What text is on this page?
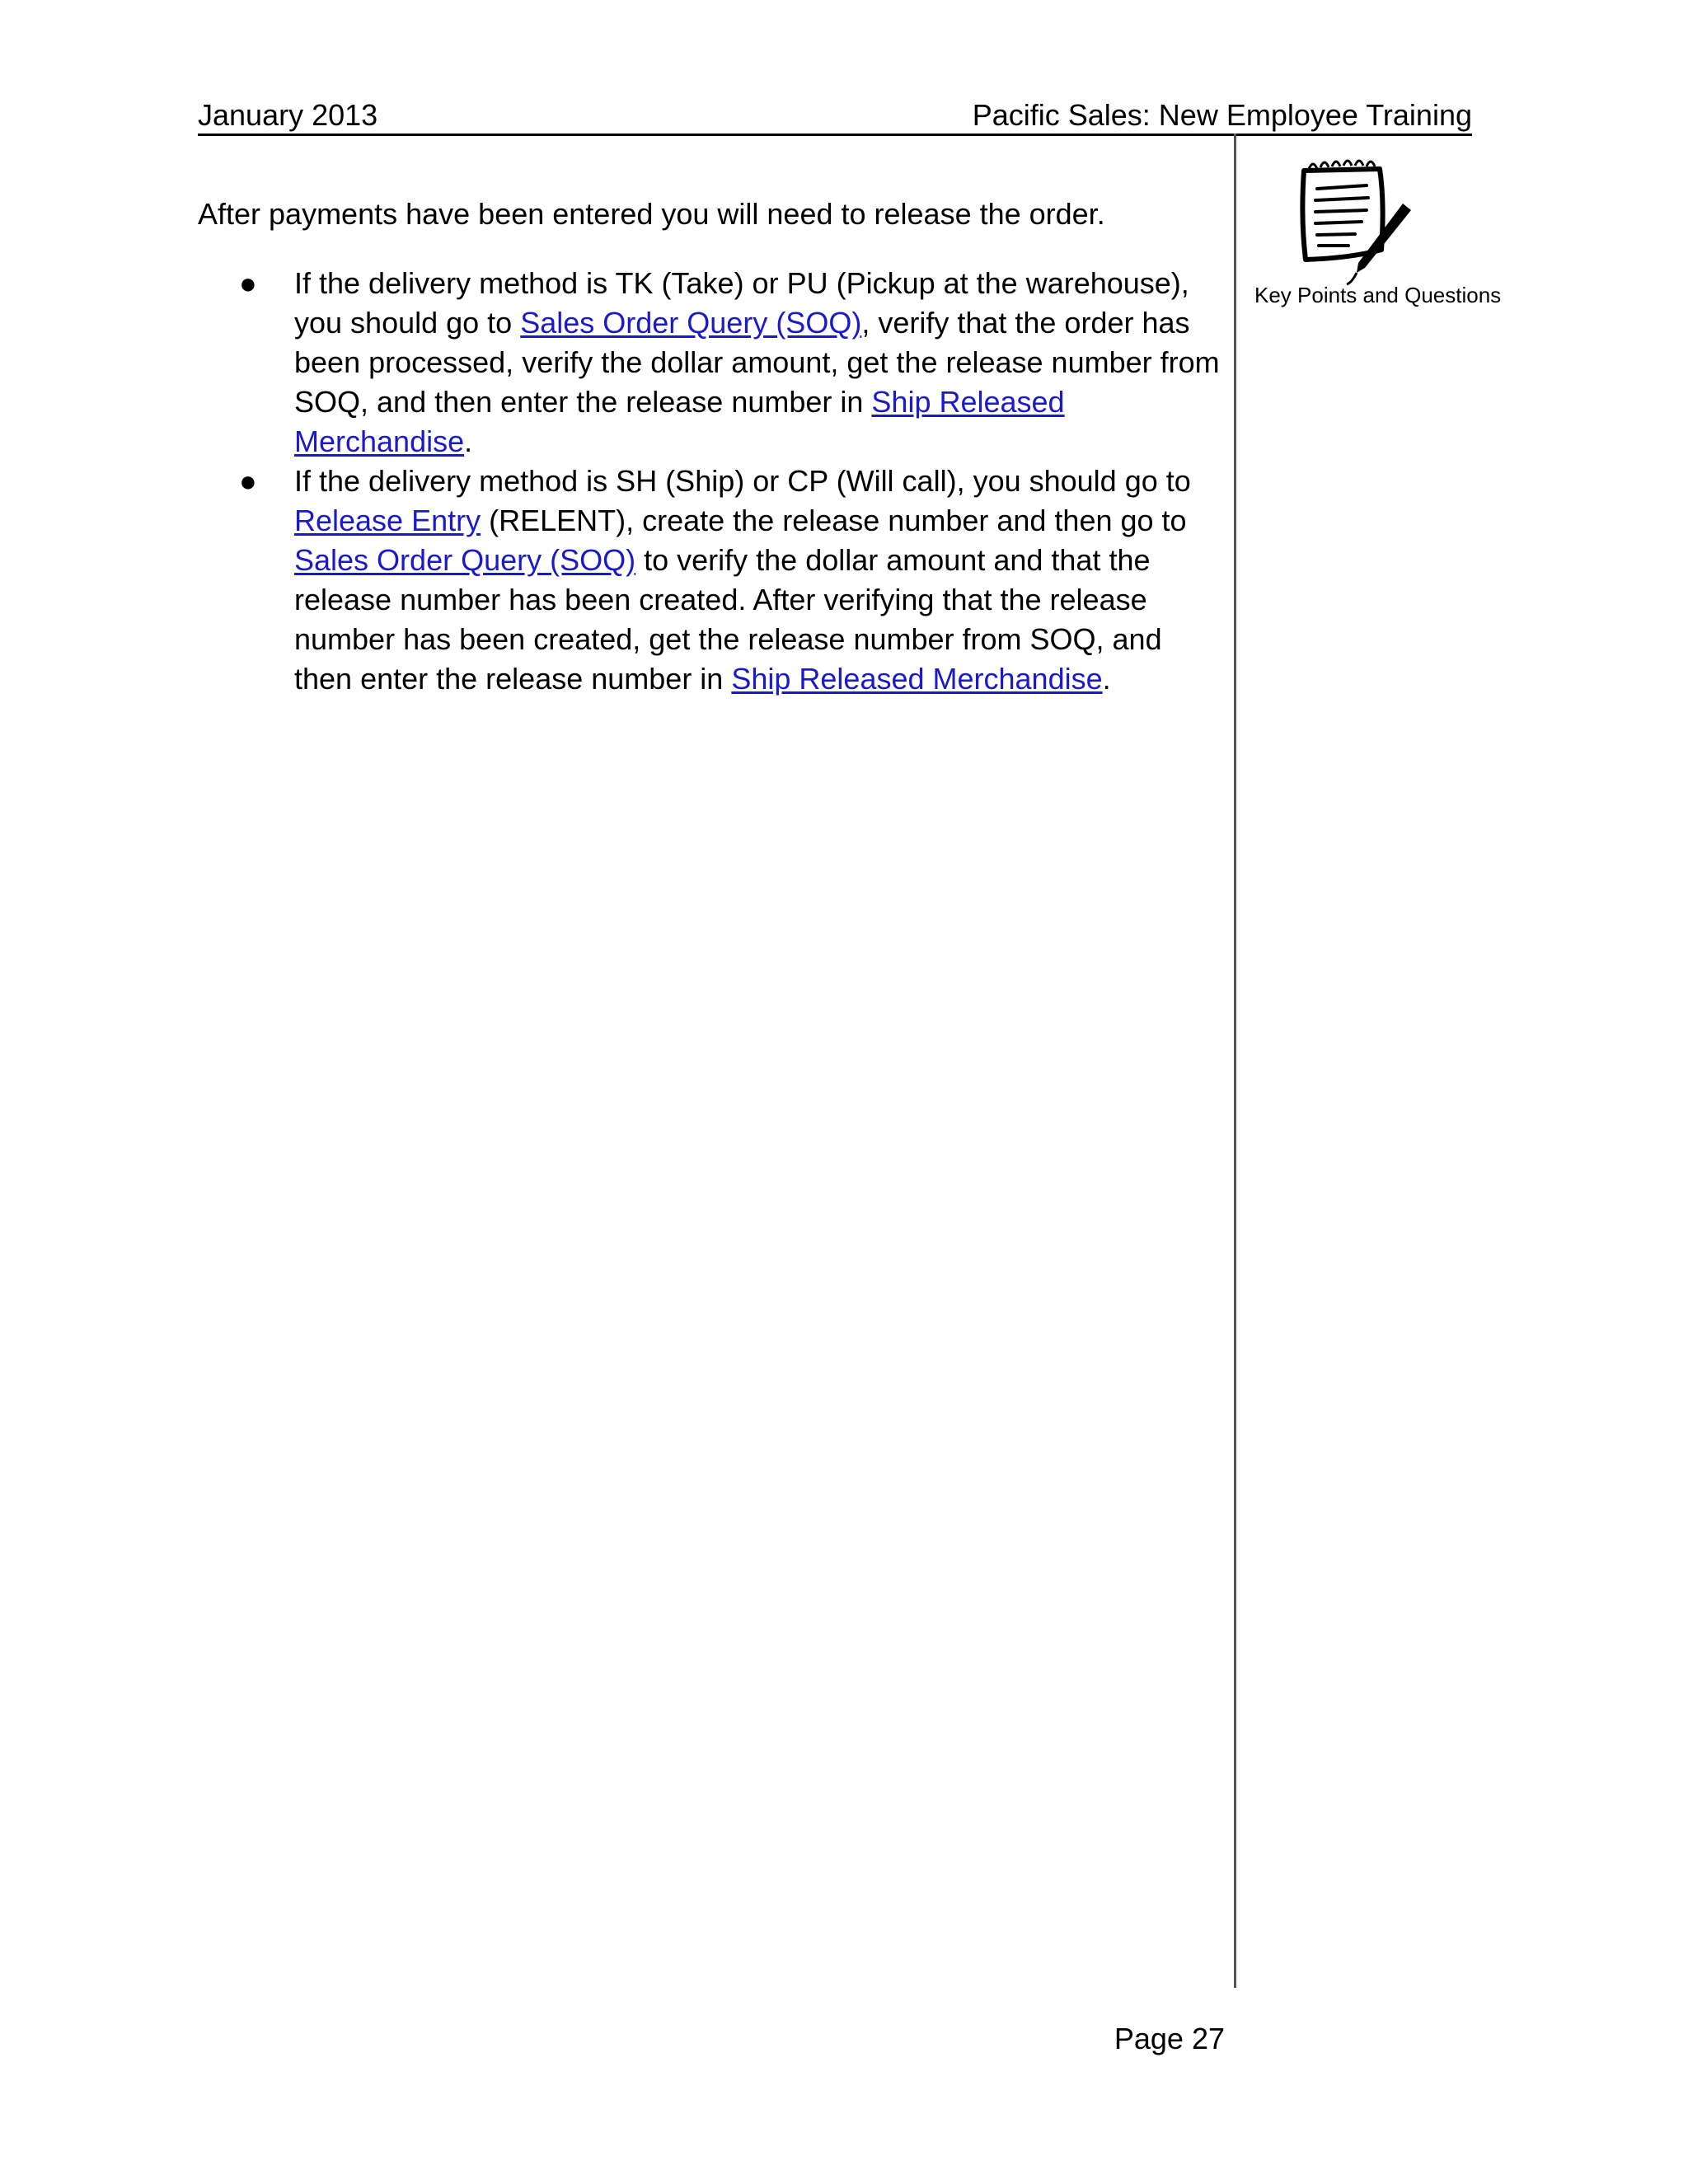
January 2013	Pacific Sales: New Employee Training
Key Points and Questions

After payments have been entered you will need to release the order.

● If the delivery method is TK (Take) or PU (Pickup at the warehouse), you should go to Sales Order Query (SOQ), verify that the order has been processed, verify the dollar amount, get the release number from SOQ, and then enter the release number in Ship Released Merchandise.
● If the delivery method is SH (Ship) or CP (Will call), you should go to Release Entry (RELENT), create the release number and then go to Sales Order Query (SOQ) to verify the dollar amount and that the release number has been created. After verifying that the release number has been created, get the release number from SOQ, and then enter the release number in Ship Released Merchandise.
Page 27
